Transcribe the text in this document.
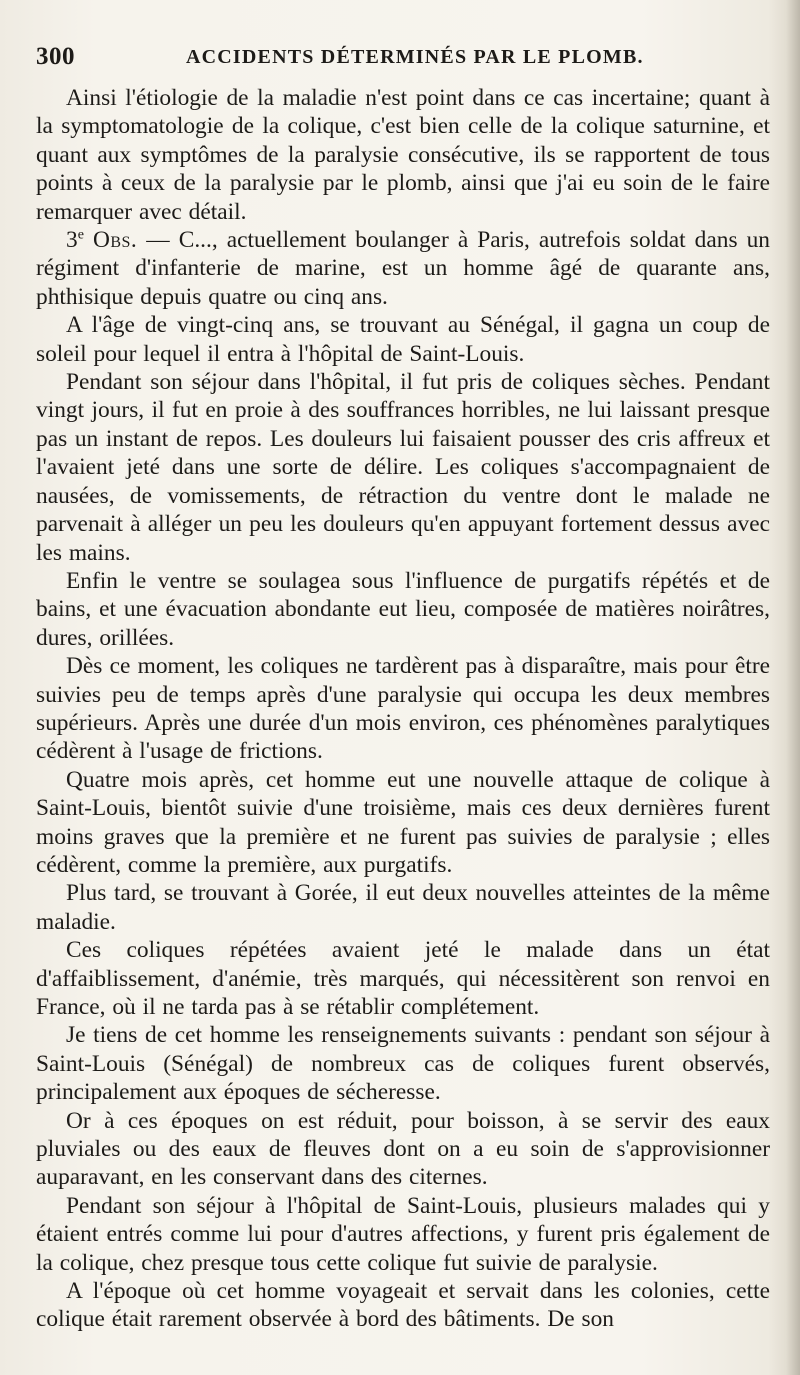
300	ACCIDENTS DÉTERMINÉS PAR LE PLOMB.

Ainsi l'étiologie de la maladie n'est point dans ce cas incertaine; quant à la symptomatologie de la colique, c'est bien celle de la colique saturnine, et quant aux symptômes de la paralysie consécutive, ils se rapportent de tous points à ceux de la paralysie par le plomb, ainsi que j'ai eu soin de le faire remarquer avec détail.

3e Obs. — C..., actuellement boulanger à Paris, autrefois soldat dans un régiment d'infanterie de marine, est un homme âgé de quarante ans, phthisique depuis quatre ou cinq ans.

A l'âge de vingt-cinq ans, se trouvant au Sénégal, il gagna un coup de soleil pour lequel il entra à l'hôpital de Saint-Louis.

Pendant son séjour dans l'hôpital, il fut pris de coliques sèches. Pendant vingt jours, il fut en proie à des souffrances horribles, ne lui laissant presque pas un instant de repos. Les douleurs lui faisaient pousser des cris affreux et l'avaient jeté dans une sorte de délire. Les coliques s'accompagnaient de nausées, de vomissements, de rétraction du ventre dont le malade ne parvenait à alléger un peu les douleurs qu'en appuyant fortement dessus avec les mains.

Enfin le ventre se soulagea sous l'influence de purgatifs répétés et de bains, et une évacuation abondante eut lieu, composée de matières noirâtres, dures, orillées.

Dès ce moment, les coliques ne tardèrent pas à disparaître, mais pour être suivies peu de temps après d'une paralysie qui occupa les deux membres supérieurs. Après une durée d'un mois environ, ces phénomènes paralytiques cédèrent à l'usage de frictions.

Quatre mois après, cet homme eut une nouvelle attaque de colique à Saint-Louis, bientôt suivie d'une troisième, mais ces deux dernières furent moins graves que la première et ne furent pas suivies de paralysie ; elles cédèrent, comme la première, aux purgatifs.

Plus tard, se trouvant à Gorée, il eut deux nouvelles atteintes de la même maladie.

Ces coliques répétées avaient jeté le malade dans un état d'affaiblissement, d'anémie, très marqués, qui nécessitèrent son renvoi en France, où il ne tarda pas à se rétablir complétement.

Je tiens de cet homme les renseignements suivants : pendant son séjour à Saint-Louis (Sénégal) de nombreux cas de coliques furent observés, principalement aux époques de sécheresse.

Or à ces époques on est réduit, pour boisson, à se servir des eaux pluviales ou des eaux de fleuves dont on a eu soin de s'approvisionner auparavant, en les conservant dans des citernes.

Pendant son séjour à l'hôpital de Saint-Louis, plusieurs malades qui y étaient entrés comme lui pour d'autres affections, y furent pris également de la colique, chez presque tous cette colique fut suivie de paralysie.

A l'époque où cet homme voyageait et servait dans les colonies, cette colique était rarement observée à bord des bâtiments. De son
